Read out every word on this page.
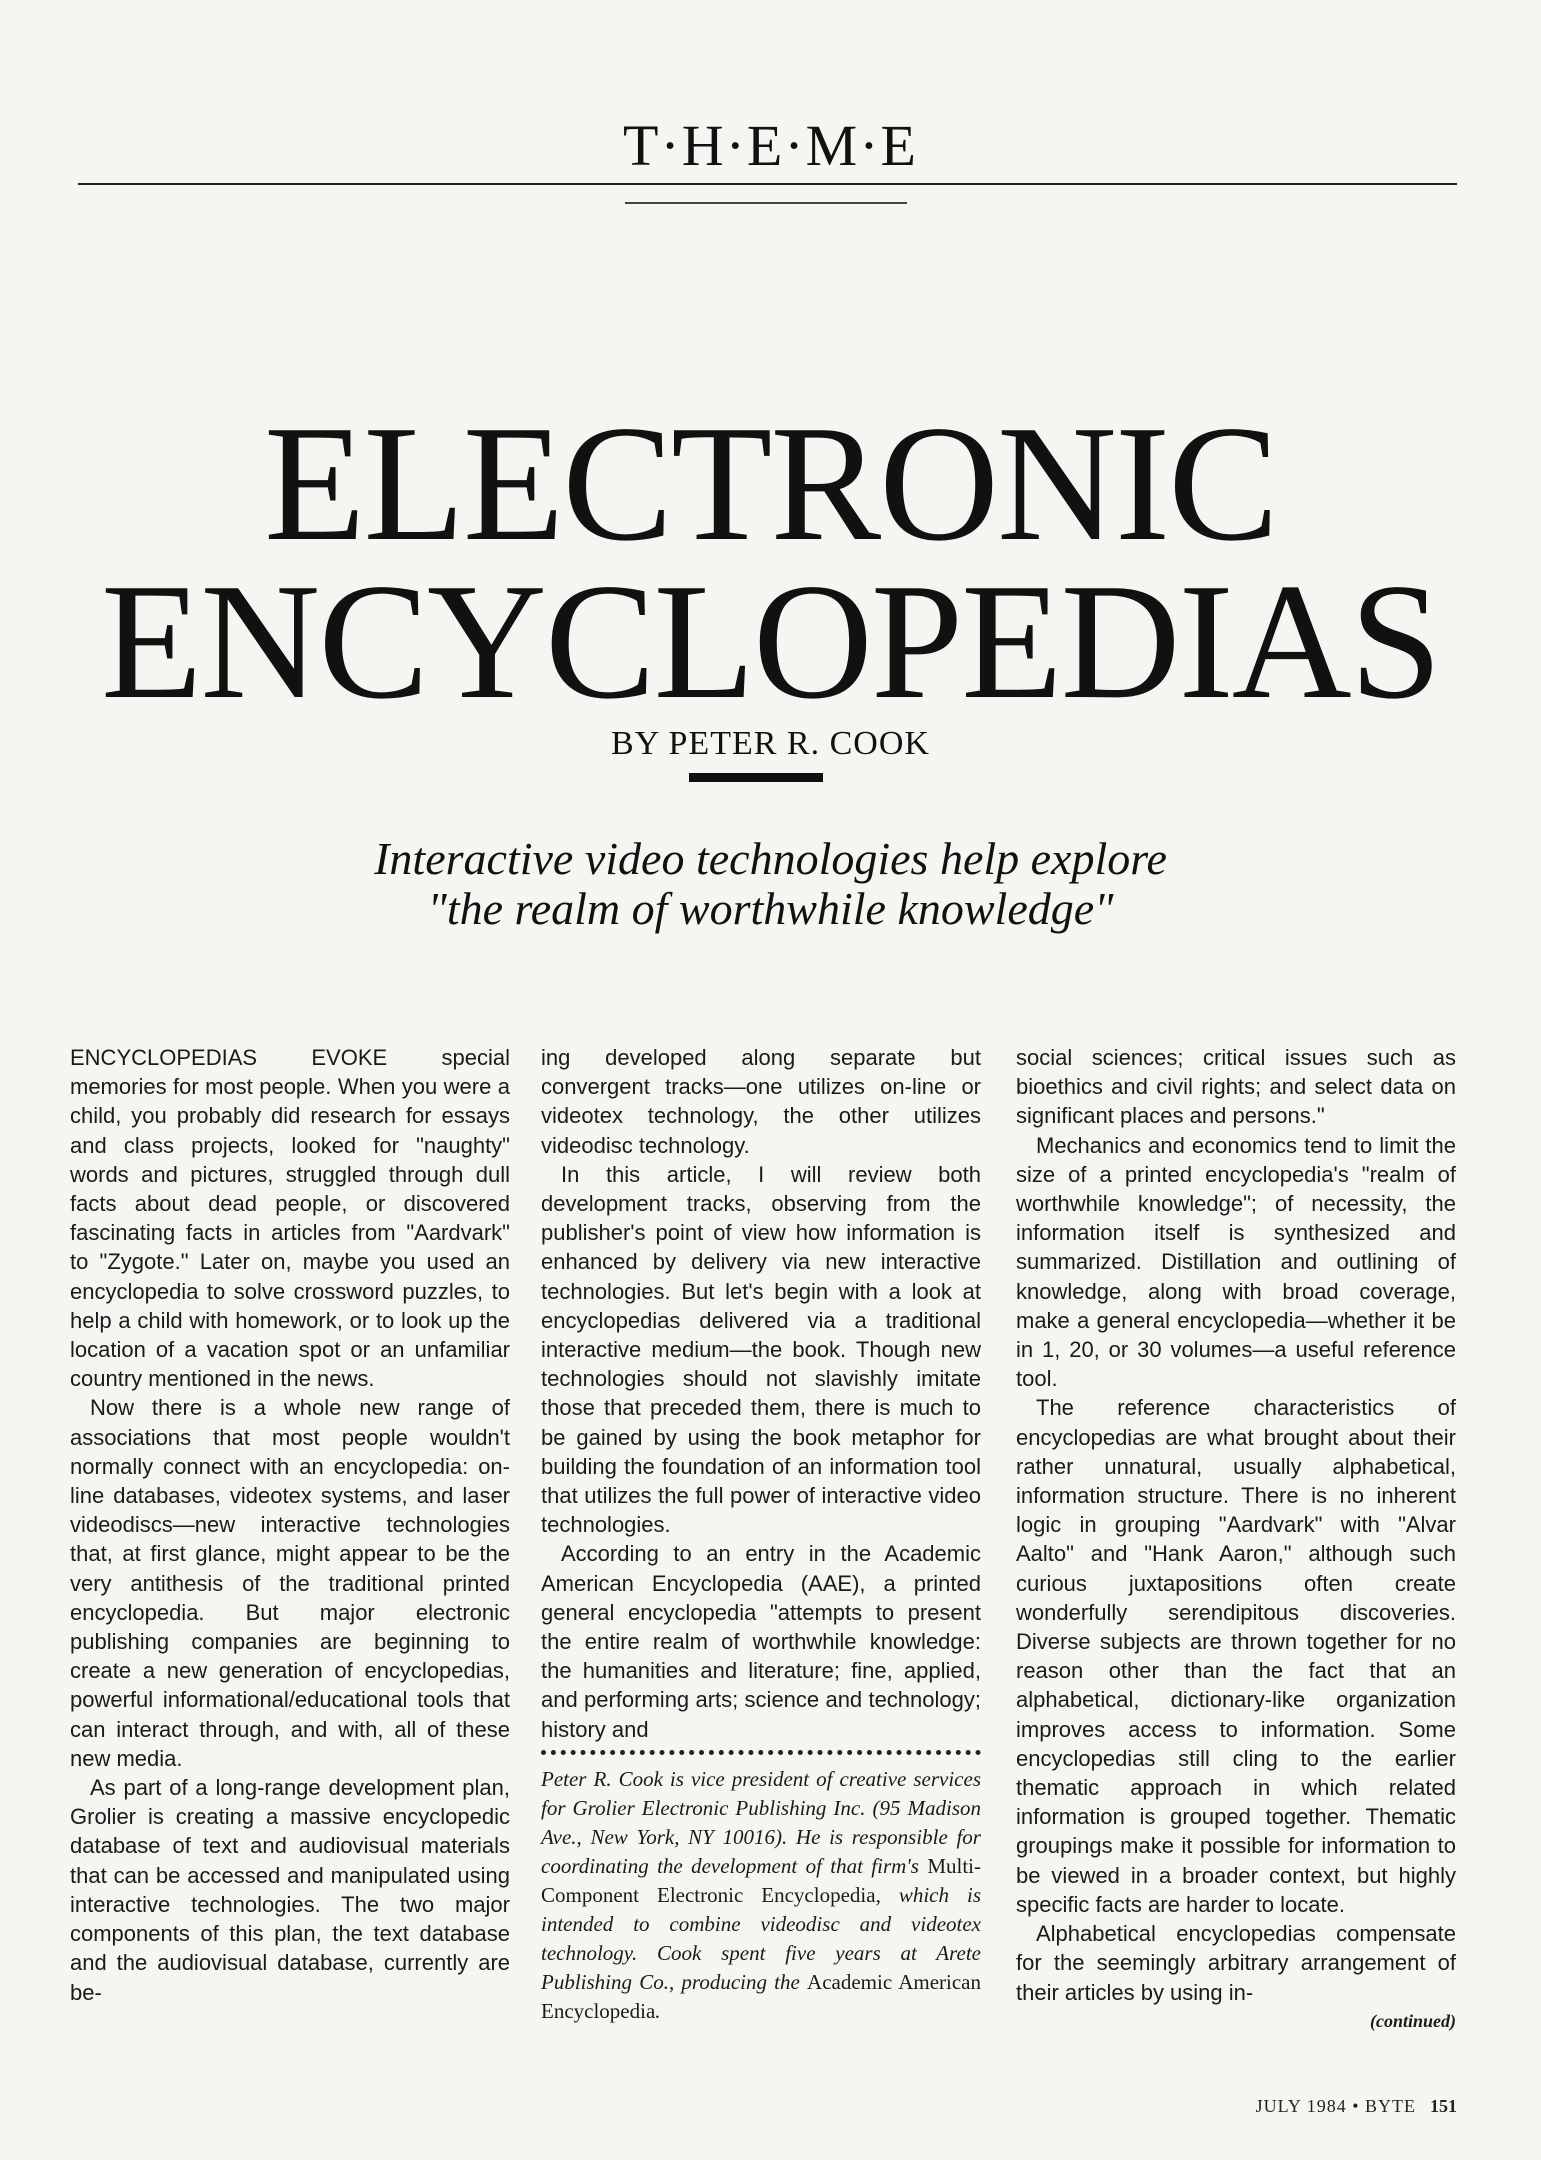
T·H·E·M·E
ELECTRONIC
ENCYCLOPEDIAS
BY PETER R. COOK
Interactive video technologies help explore
"the realm of worthwhile knowledge"

ENCYCLOPEDIAS EVOKE special memories for most people. When you were a child, you probably did research for essays and class projects, looked for "naughty" words and pictures, struggled through dull facts about dead people, or discovered fascinating facts in articles from "Aardvark" to "Zygote." Later on, maybe you used an encyclopedia to solve crossword puzzles, to help a child with homework, or to look up the location of a vacation spot or an unfamiliar country mentioned in the news.

Now there is a whole new range of associations that most people wouldn't normally connect with an encyclopedia: on-line databases, videotex systems, and laser videodiscs—new interactive technologies that, at first glance, might appear to be the very antithesis of the traditional printed encyclopedia. But major electronic publishing companies are beginning to create a new generation of encyclopedias, powerful informational/educational tools that can interact through, and with, all of these new media.

As part of a long-range development plan, Grolier is creating a massive encyclopedic database of text and audiovisual materials that can be accessed and manipulated using interactive technologies. The two major components of this plan, the text database and the audiovisual database, currently are be-

ing developed along separate but convergent tracks—one utilizes on-line or videotex technology, the other utilizes videodisc technology.

In this article, I will review both development tracks, observing from the publisher's point of view how information is enhanced by delivery via new interactive technologies. But let's begin with a look at encyclopedias delivered via a traditional interactive medium—the book. Though new technologies should not slavishly imitate those that preceded them, there is much to be gained by using the book metaphor for building the foundation of an information tool that utilizes the full power of interactive video technologies.

According to an entry in the Academic American Encyclopedia (AAE), a printed general encyclopedia "attempts to present the entire realm of worthwhile knowledge: the humanities and literature; fine, applied, and performing arts; science and technology; history and

Peter R. Cook is vice president of creative services for Grolier Electronic Publishing Inc. (95 Madison Ave., New York, NY 10016). He is responsible for coordinating the development of that firm's Multi-Component Electronic Encyclopedia, which is intended to combine videodisc and videotex technology. Cook spent five years at Arete Publishing Co., producing the Academic American Encyclopedia.

social sciences; critical issues such as bioethics and civil rights; and select data on significant places and persons."

Mechanics and economics tend to limit the size of a printed encyclopedia's "realm of worthwhile knowledge"; of necessity, the information itself is synthesized and summarized. Distillation and outlining of knowledge, along with broad coverage, make a general encyclopedia—whether it be in 1, 20, or 30 volumes—a useful reference tool.

The reference characteristics of encyclopedias are what brought about their rather unnatural, usually alphabetical, information structure. There is no inherent logic in grouping "Aardvark" with "Alvar Aalto" and "Hank Aaron," although such curious juxtapositions often create wonderfully serendipitous discoveries. Diverse subjects are thrown together for no reason other than the fact that an alphabetical, dictionary-like organization improves access to information. Some encyclopedias still cling to the earlier thematic approach in which related information is grouped together. Thematic groupings make it possible for information to be viewed in a broader context, but highly specific facts are harder to locate.

Alphabetical encyclopedias compensate for the seemingly arbitrary arrangement of their articles by using in-

(continued)
JULY 1984 • BYTE 151
